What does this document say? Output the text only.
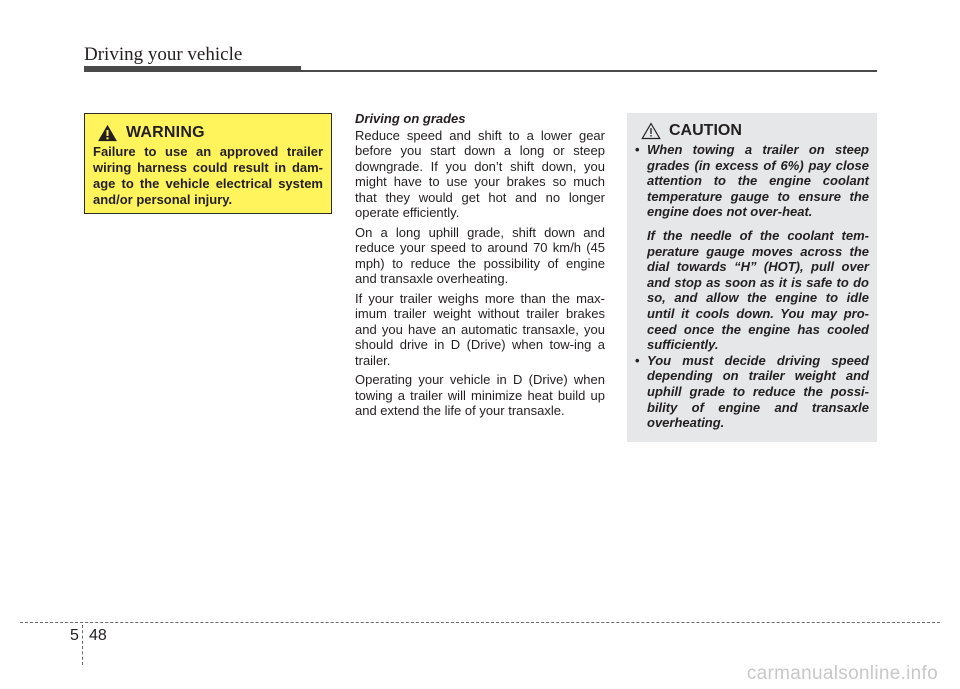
Driving your vehicle
WARNING
Failure to use an approved trailer wiring harness could result in dam-age to the vehicle electrical system and/or personal injury.
Driving on grades

Reduce speed and shift to a lower gear before you start down a long or steep downgrade. If you don’t shift down, you might have to use your brakes so much that they would get hot and no longer operate efficiently.

On a long uphill grade, shift down and reduce your speed to around 70 km/h (45 mph) to reduce the possibility of engine and transaxle overheating.

If your trailer weighs more than the max-imum trailer weight without trailer brakes and you have an automatic transaxle, you should drive in D (Drive) when tow-ing a trailer.

Operating your vehicle in D (Drive) when towing a trailer will minimize heat build up and extend the life of your transaxle.

CAUTION
• When towing a trailer on steep grades (in excess of 6%) pay close attention to the engine coolant temperature gauge to ensure the engine does not over-heat.
If the needle of the coolant tem-perature gauge moves across the dial towards “H” (HOT), pull over and stop as soon as it is safe to do so, and allow the engine to idle until it cools down. You may pro-ceed once the engine has cooled sufficiently.
• You must decide driving speed depending on trailer weight and uphill grade to reduce the possi-bility of engine and transaxle overheating.
5 48
carmanualsonline.info
